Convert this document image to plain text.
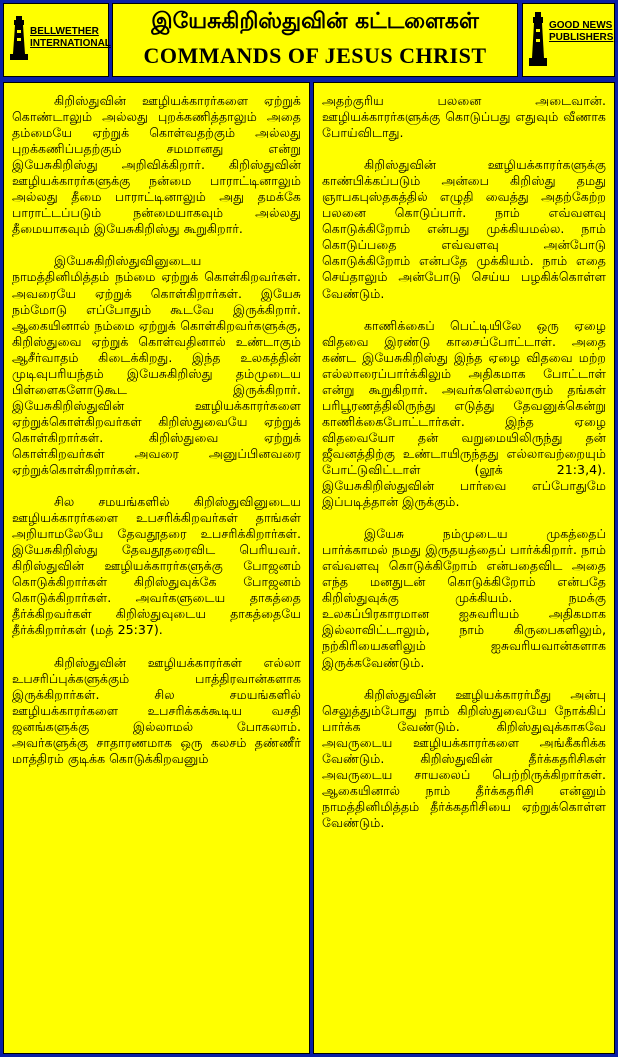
BELLWETHER
INTERNATIONAL
இயேசுகிறிஸ்துவின் கட்டளைகள்
COMMANDS OF JESUS CHRIST
GOOD NEWS
PUBLISHERS

கிறிஸ்துவின் ஊழியக்காரர்களை ஏற்றுக் கொண்டாலும் அல்லது புறக்கணித்தாலும் அதை தம்மையே ஏற்றுக் கொள்வதற்கும் அல்லது புறக்கணிப்பதற்கும் சமமானது என்று இயேசுகிறிஸ்து அறிவிக்கிறார். கிறிஸ்துவின் ஊழியக்காரர்களுக்கு நன்மை பாராட்டினாலும் அல்லது தீமை பாராட்டினாலும் அது தமக்கே பாராட்டப்படும் நன்மையாகவும் அல்லது தீமையாகவும் இயேசுகிறிஸ்து கூறுகிறார்.

இயேசுகிறிஸ்துவினுடைய நாமத்தினிமித்தம் நம்மை ஏற்றுக் கொள்கிறவர்கள். அவரையே ஏற்றுக் கொள்கிறார்கள். இயேசு நம்மோடு எப்போதும் கூடவே இருக்கிறார். ஆகையினால் நம்மை ஏற்றுக் கொள்கிறவர்களுக்கு, கிறிஸ்துவை ஏற்றுக் கொள்வதினால் உண்டாகும் ஆசீர்வாதம் கிடைக்கிறது. இந்த உலகத்தின் முடிவுபரியந்தம் இயேசுகிறிஸ்து தம்முடைய பிள்ளைகளோடுகூட இருக்கிறார். இயேசுகிறிஸ்துவின் ஊழியக்காரர்களை ஏற்றுக்கொள்கிறவர்கள் கிறிஸ்துவையே ஏற்றுக் கொள்கிறார்கள். கிறிஸ்துவை ஏற்றுக் கொள்கிறவர்கள் அவரை அனுப்பினவரை ஏற்றுக்கொள்கிறார்கள்.

சில சமயங்களில் கிறிஸ்துவினுடைய ஊழியக்காரர்களை உபசரிக்கிறவர்கள் தாங்கள் அறியாமலேயே தேவதூதரை உபசரிக்கிறார்கள். இயேசுகிறிஸ்து தேவதூதரைவிட பெரியவர். கிறிஸ்துவின் ஊழியக்காரர்களுக்கு போஜனம் கொடுக்கிறார்கள் கிறிஸ்துவுக்கே போஜனம் கொடுக்கிறார்கள். அவர்களுடைய தாகத்தை தீர்க்கிறவர்கள் கிறிஸ்துவுடைய தாகத்தையே தீர்க்கிறார்கள் (மத் 25:37).

கிறிஸ்துவின் ஊழியக்காரர்கள் எல்லா உபசரிப்புக்களுக்கும் பாத்திரவான்களாக இருக்கிறார்கள். சில சமயங்களில் ஊழியக்காரர்களை உபசரிக்கக்கூடிய வசதி ஜனங்களுக்கு இல்லாமல் போகலாம். அவர்களுக்கு சாதாரணமாக ஒரு கலசம் தண்ணீர் மாத்திரம் குடிக்க கொடுக்கிறவனும்

அதற்குரிய பலனை அடைவான். ஊழியக்காரர்களுக்கு கொடுப்பது எதுவும் வீணாக போய்விடாது.

கிறிஸ்துவின் ஊழியக்காரர்களுக்கு காண்பிக்கப்படும் அன்பை கிறிஸ்து தமது ஞாபகபுஸ்தகத்தில் எழுதி வைத்து அதற்கேற்ற பலனை கொடுப்பார். நாம் எவ்வளவு கொடுக்கிறோம் என்பது முக்கியமல்ல. நாம் கொடுப்பதை எவ்வளவு அன்போடு கொடுக்கிறோம் என்பதே முக்கியம். நாம் எதை செய்தாலும் அன்போடு செய்ய பழகிக்கொள்ள வேண்டும்.

காணிக்கைப் பெட்டியிலே ஒரு ஏழை விதவை இரண்டு காசைப்போட்டாள். அதை கண்ட இயேசுகிறிஸ்து இந்த ஏழை விதவை மற்ற எல்லாரைப்பார்க்கிலும் அதிகமாக போட்டாள் என்று கூறுகிறார். அவர்களெல்லாரும் தங்கள் பரிபூரணத்திலிருந்து எடுத்து தேவனுக்கென்று காணிக்கைபோட்டார்கள். இந்த ஏழை விதவையோ தன் வறுமையிலிருந்து தன் ஜீவனத்திற்கு உண்டாயிருந்தது எல்லாவற்றையும் போட்டுவிட்டாள் (லூக் 21:3,4). இயேசுகிறிஸ்துவின் பார்வை எப்போதுமே இப்படித்தான் இருக்கும்.

இயேசு நம்முடைய முகத்தைப் பார்க்காமல் நமது இருதயத்தைப் பார்க்கிறார். நாம் எவ்வளவு கொடுக்கிறோம் என்பதைவிட அதை எந்த மனதுடன் கொடுக்கிறோம் என்பதே கிறிஸ்துவுக்கு முக்கியம். நமக்கு உலகப்பிரகாரமான ஐசுவரியம் அதிகமாக இல்லாவிட்டாலும், நாம் கிருபைகளிலும், நற்கிரியைகளிலும் ஐசுவரியவான்களாக இருக்கவேண்டும்.

கிறிஸ்துவின் ஊழியக்காரர்மீது அன்பு செலுத்தும்போது நாம் கிறிஸ்துவையே நோக்கிப் பார்க்க வேண்டும். கிறிஸ்துவுக்காகவே அவருடைய ஊழியக்காரர்களை அங்கீகரிக்க வேண்டும். கிறிஸ்துவின் தீர்க்கதரிசிகள் அவருடைய சாயலைப் பெற்றிருக்கிறார்கள். ஆகையினால் நாம் தீர்க்கதரிசி என்னும் நாமத்தினிமித்தம் தீர்க்கதரிசியை ஏற்றுக்கொள்ள வேண்டும்.
